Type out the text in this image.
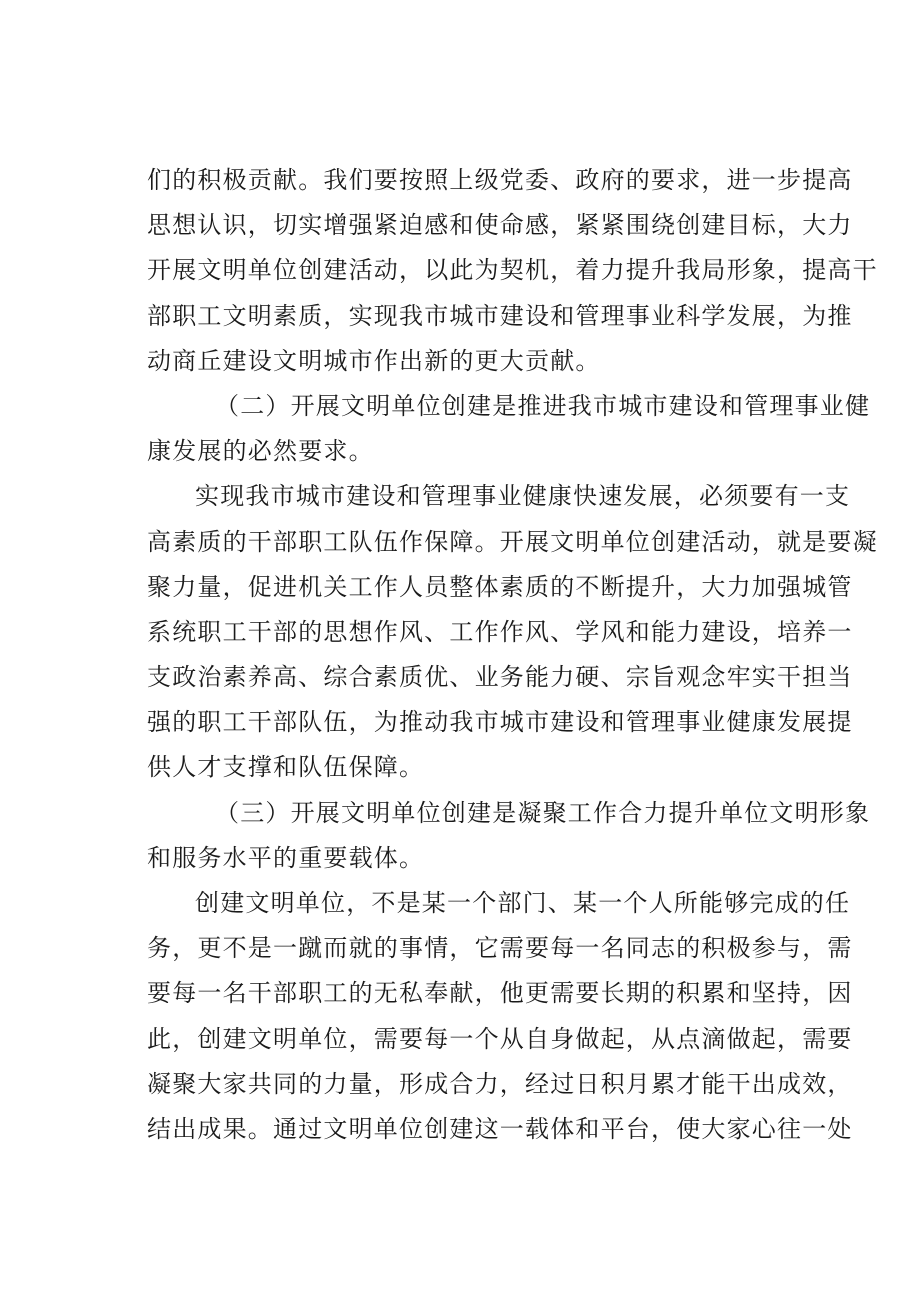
们的积极贡献。我们要按照上级党委、政府的要求，进一步提高
思想认识，切实增强紧迫感和使命感，紧紧围绕创建目标，大力
开展文明单位创建活动，以此为契机，着力提升我局形象，提高干
部职工文明素质，实现我市城市建设和管理事业科学发展，为推
动商丘建设文明城市作出新的更大贡献。
（二）开展文明单位创建是推进我市城市建设和管理事业健
康发展的必然要求。
实现我市城市建设和管理事业健康快速发展，必须要有一支
高素质的干部职工队伍作保障。开展文明单位创建活动，就是要凝
聚力量，促进机关工作人员整体素质的不断提升，大力加强城管
系统职工干部的思想作风、工作作风、学风和能力建设，培养一
支政治素养高、综合素质优、业务能力硬、宗旨观念牢实干担当
强的职工干部队伍，为推动我市城市建设和管理事业健康发展提
供人才支撑和队伍保障。
（三）开展文明单位创建是凝聚工作合力提升单位文明形象
和服务水平的重要载体。
创建文明单位，不是某一个部门、某一个人所能够完成的任
务，更不是一蹴而就的事情，它需要每一名同志的积极参与，需
要每一名干部职工的无私奉献，他更需要长期的积累和坚持，因
此，创建文明单位，需要每一个从自身做起，从点滴做起，需要
凝聚大家共同的力量，形成合力，经过日积月累才能干出成效，
结出成果。通过文明单位创建这一载体和平台，使大家心往一处
